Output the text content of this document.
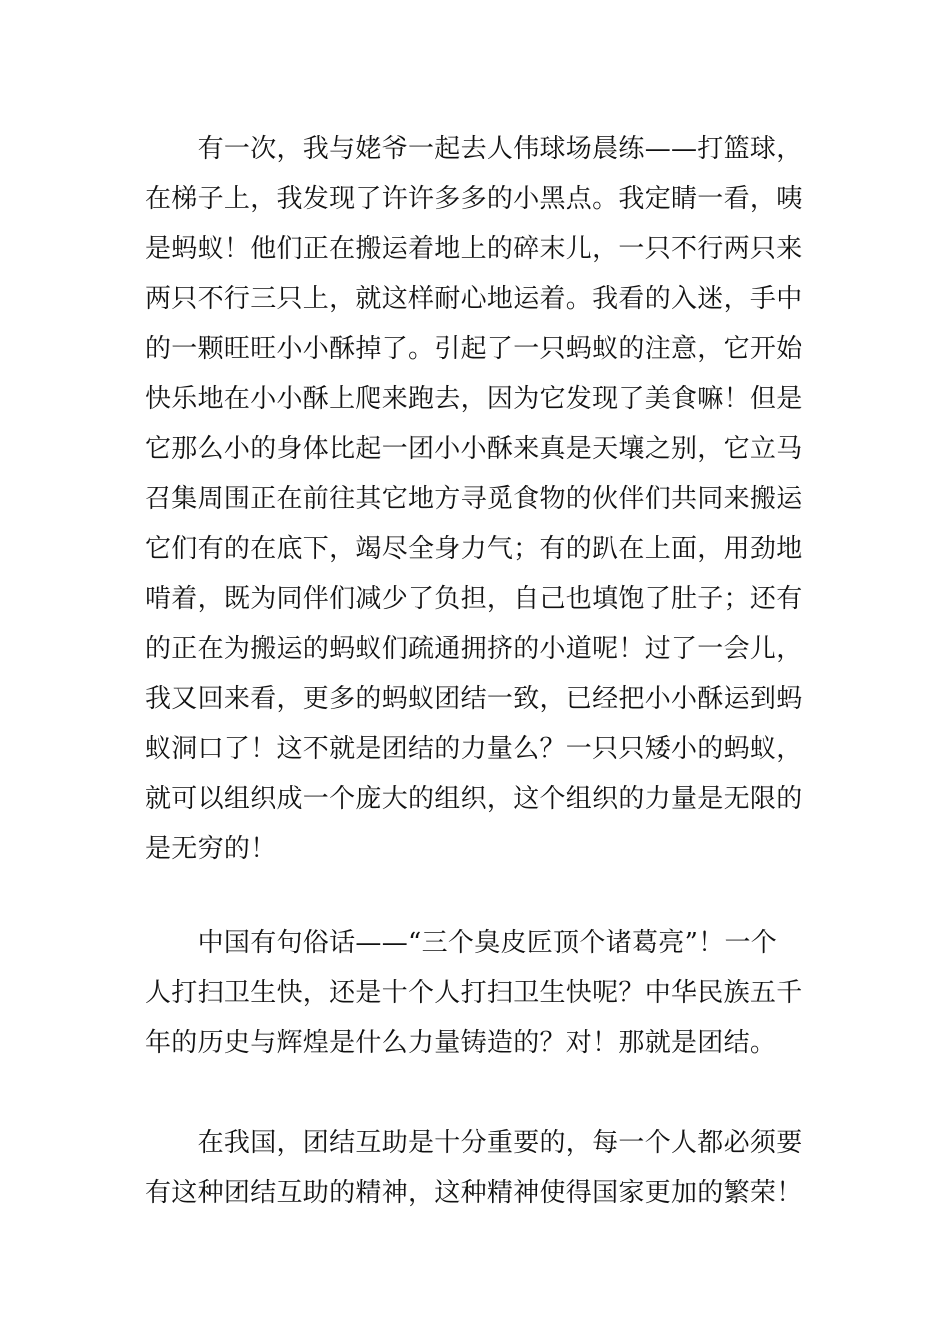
　　有一次，我与姥爷一起去人伟球场晨练——打篮球，
在梯子上，我发现了许许多多的小黑点。我定睛一看，咦
是蚂蚁！他们正在搬运着地上的碎末儿，一只不行两只来
两只不行三只上，就这样耐心地运着。我看的入迷，手中
的一颗旺旺小小酥掉了。引起了一只蚂蚁的注意，它开始
快乐地在小小酥上爬来跑去，因为它发现了美食嘛！但是
它那么小的身体比起一团小小酥来真是天壤之别，它立马
召集周围正在前往其它地方寻觅食物的伙伴们共同来搬运
它们有的在底下，竭尽全身力气；有的趴在上面，用劲地
啃着，既为同伴们减少了负担，自己也填饱了肚子；还有
的正在为搬运的蚂蚁们疏通拥挤的小道呢！过了一会儿，
我又回来看，更多的蚂蚁团结一致，已经把小小酥运到蚂
蚁洞口了！这不就是团结的力量么？一只只矮小的蚂蚁，
就可以组织成一个庞大的组织，这个组织的力量是无限的
是无穷的！
　　中国有句俗话——“三个臭皮匠顶个诸葛亮”！一个
人打扫卫生快，还是十个人打扫卫生快呢？中华民族五千
年的历史与辉煌是什么力量铸造的？对！那就是团结。
　　在我国，团结互助是十分重要的，每一个人都必须要
有这种团结互助的精神，这种精神使得国家更加的繁荣！
